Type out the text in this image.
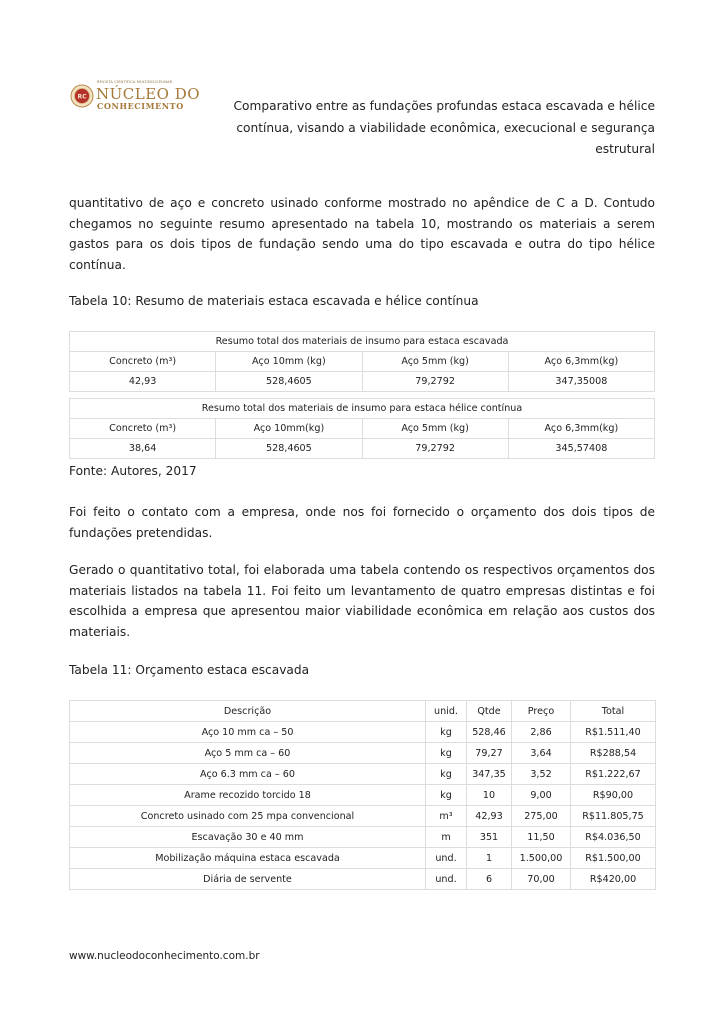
RC
REVISTA CIENTÍFICA MULTIDISCIPLINAR
NÚCLEO DO
CONHECIMENTO	Comparativo entre as fundações profundas estaca escavada e hélice
contínua, visando a viabilidade econômica, execucional e segurança
estrutural
quantitativo de aço e concreto usinado conforme mostrado no apêndice de C a D. Contudo chegamos no seguinte resumo apresentado na tabela 10, mostrando os materiais a serem gastos para os dois tipos de fundação sendo uma do tipo escavada e outra do tipo hélice contínua.
Tabela 10: Resumo de materiais estaca escavada e hélice contínua
Resumo total dos materiais de insumo para estaca escavada			
Concreto (m³)	Aço 10mm (kg)	Aço 5mm (kg)	Aço 6,3mm(kg)
42,93	528,4605	79,2792	347,35008
Resumo total dos materiais de insumo para estaca hélice contínua			
Concreto (m³)	Aço 10mm(kg)	Aço 5mm (kg)	Aço 6,3mm(kg)
38,64	528,4605	79,2792	345,57408
Fonte: Autores, 2017
Foi feito o contato com a empresa, onde nos foi fornecido o orçamento dos dois tipos de fundações pretendidas.
Gerado o quantitativo total, foi elaborada uma tabela contendo os respectivos orçamentos dos materiais listados na tabela 11. Foi feito um levantamento de quatro empresas distintas e foi escolhida a empresa que apresentou maior viabilidade econômica em relação aos custos dos materiais.
Tabela 11: Orçamento estaca escavada
Descrição	unid.	Qtde	Preço	Total
Aço 10 mm ca – 50	kg	528,46	2,86	R$1.511,40
Aço 5 mm ca – 60	kg	79,27	3,64	R$288,54
Aço 6.3 mm ca – 60	kg	347,35	3,52	R$1.222,67
Arame recozido torcido 18	kg	10	9,00	R$90,00
Concreto usinado com 25 mpa convencional	m³	42,93	275,00	R$11.805,75
Escavação 30 e 40 mm	m	351	11,50	R$4.036,50
Mobilização máquina estaca escavada	und.	1	1.500,00	R$1.500,00
Diária de servente	und.	6	70,00	R$420,00
www.nucleodoconhecimento.com.br
